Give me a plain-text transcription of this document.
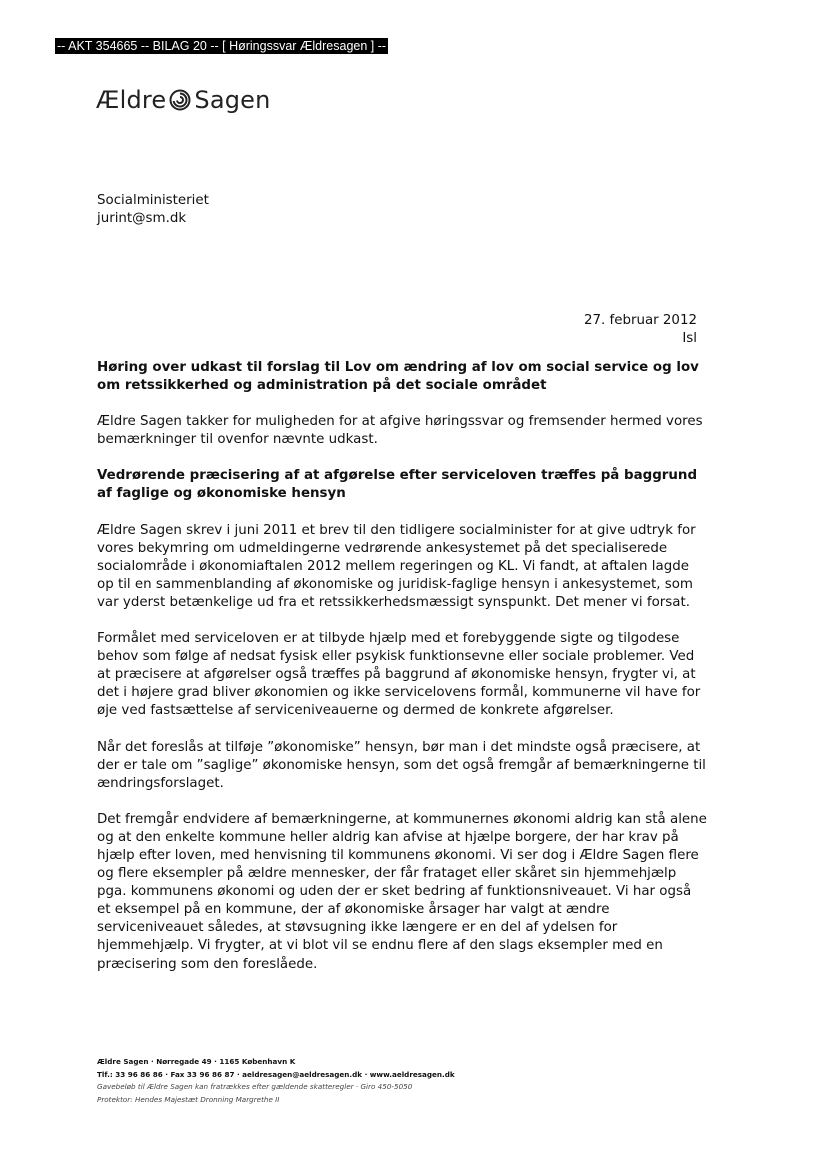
-- AKT 354665 -- BILAG 20 -- [ Høringssvar Ældresagen ] --
Ældre Sagen
Socialministeriet
jurint@sm.dk
27. februar 2012
Isl
Høring over udkast til forslag til Lov om ændring af lov om social service og lov om retssikkerhed og administration på det sociale området

Ældre Sagen takker for muligheden for at afgive høringssvar og fremsender hermed vores bemærkninger til ovenfor nævnte udkast.

Vedrørende præcisering af at afgørelse efter serviceloven træffes på baggrund af faglige og økonomiske hensyn

Ældre Sagen skrev i juni 2011 et brev til den tidligere socialminister for at give udtryk for vores bekymring om udmeldingerne vedrørende ankesystemet på det specialiserede socialområde i økonomiaftalen 2012 mellem regeringen og KL. Vi fandt, at aftalen lagde op til en sammenblanding af økonomiske og juridisk-faglige hensyn i ankesystemet, som var yderst betænkelige ud fra et retssikkerhedsmæssigt synspunkt. Det mener vi forsat.

Formålet med serviceloven er at tilbyde hjælp med et forebyggende sigte og tilgodese behov som følge af nedsat fysisk eller psykisk funktionsevne eller sociale problemer. Ved at præcisere at afgørelser også træffes på baggrund af økonomiske hensyn, frygter vi, at det i højere grad bliver økonomien og ikke servicelovens formål, kommunerne vil have for øje ved fastsættelse af serviceniveauerne og dermed de konkrete afgørelser.

Når det foreslås at tilføje ”økonomiske” hensyn, bør man i det mindste også præcisere, at der er tale om ”saglige” økonomiske hensyn, som det også fremgår af bemærkningerne til ændringsforslaget.

Det fremgår endvidere af bemærkningerne, at kommunernes økonomi aldrig kan stå alene og at den enkelte kommune heller aldrig kan afvise at hjælpe borgere, der har krav på hjælp efter loven, med henvisning til kommunens økonomi. Vi ser dog i Ældre Sagen flere og flere eksempler på ældre mennesker, der får frataget eller skåret sin hjemmehjælp pga. kommunens økonomi og uden der er sket bedring af funktionsniveauet. Vi har også et eksempel på en kommune, der af økonomiske årsager har valgt at ændre serviceniveauet således, at støvsugning ikke længere er en del af ydelsen for hjemmehjælp. Vi frygter, at vi blot vil se endnu flere af den slags eksempler med en præcisering som den foreslåede.

Ældre Sagen · Nørregade 49 · 1165 København K
Tlf.: 33 96 86 86 · Fax 33 96 86 87 · aeldresagen@aeldresagen.dk · www.aeldresagen.dk
Gavebeløb til Ældre Sagen kan fratrækkes efter gældende skatteregler · Giro 450-5050
Protektor: Hendes Majestæt Dronning Margrethe II
